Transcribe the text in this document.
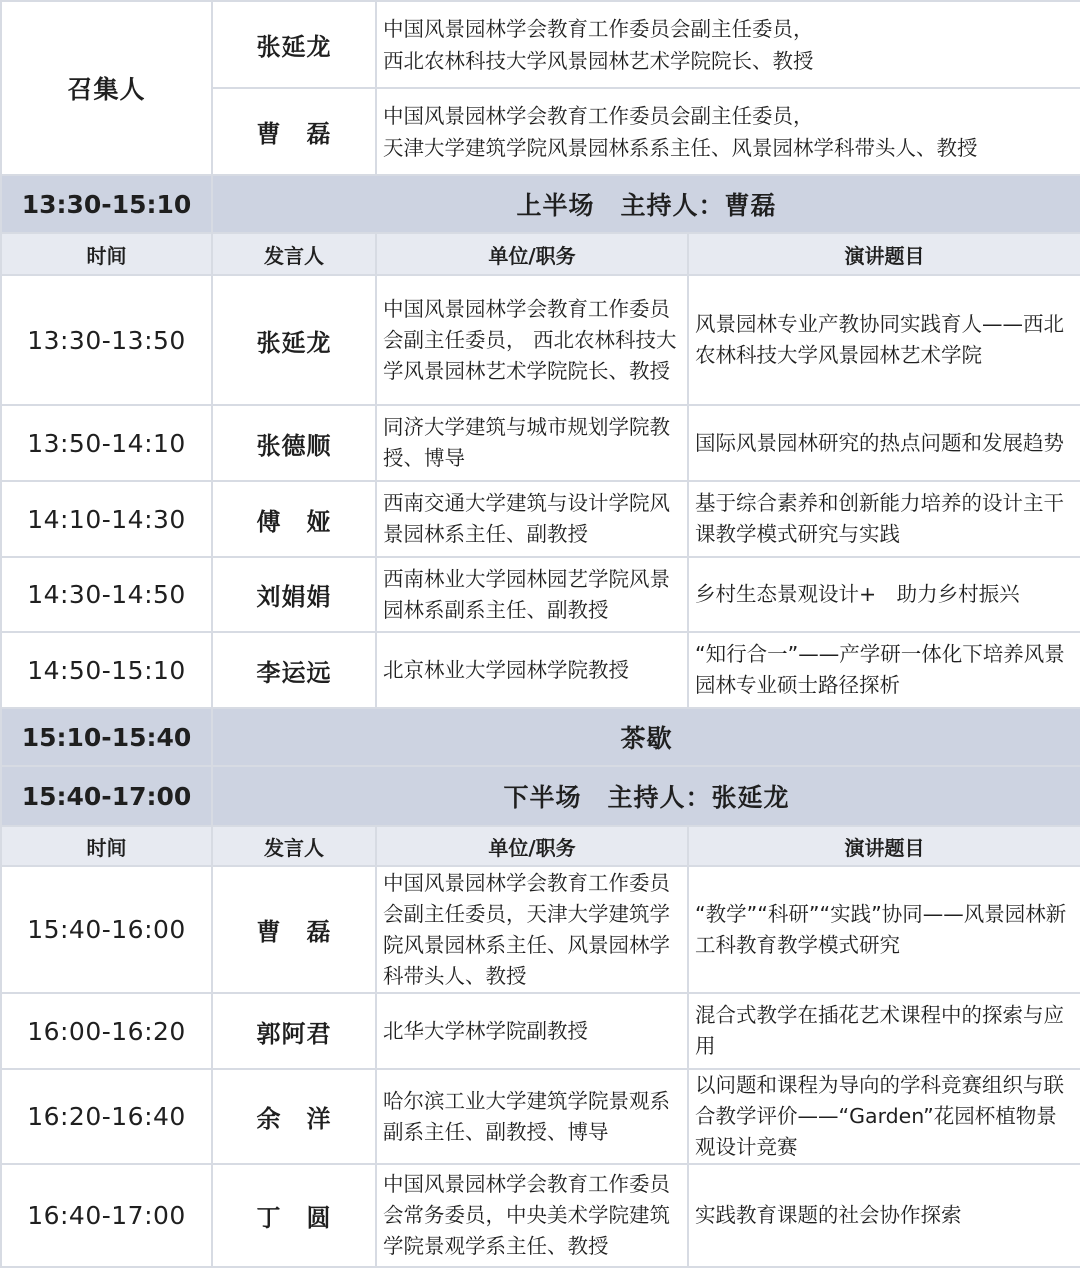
召集人	张延龙	中国风景园林学会教育工作委员会副主任委员，
西北农林科技大学风景园林艺术学院院长、教授	

	曹　磊	中国风景园林学会教育工作委员会副主任委员，
天津大学建筑学院风景园林系系主任、风景园林学科带头人、教授	

13:30-15:10	上半场　主持人：曹磊		
时间	发言人	单位/职务	演讲题目
13:30-13:50	张延龙	中国风景园林学会教育工作委员会副主任委员， 西北农林科技大学风景园林艺术学院院长、教授	风景园林专业产教协同实践育人——西北农林科技大学风景园林艺术学院
13:50-14:10	张德顺	同济大学建筑与城市规划学院教授、博导	国际风景园林研究的热点问题和发展趋势
14:10-14:30	傅　娅	西南交通大学建筑与设计学院风景园林系主任、副教授	基于综合素养和创新能力培养的设计主干课教学模式研究与实践
14:30-14:50	刘娟娟	西南林业大学园林园艺学院风景园林系副系主任、副教授	乡村生态景观设计+　助力乡村振兴
14:50-15:10	李运远	北京林业大学园林学院教授	“知行合一”——产学研一体化下培养风景园林专业硕士路径探析
15:10-15:40	茶歇		
15:40-17:00	下半场　主持人：张延龙		
时间	发言人	单位/职务	演讲题目
15:40-16:00	曹　磊	中国风景园林学会教育工作委员会副主任委员，天津大学建筑学院风景园林系主任、风景园林学科带头人、教授	“教学”“科研”“实践”协同——风景园林新工科教育教学模式研究
16:00-16:20	郭阿君	北华大学林学院副教授	混合式教学在插花艺术课程中的探索与应用
16:20-16:40	余　洋	哈尔滨工业大学建筑学院景观系副系主任、副教授、博导	以问题和课程为导向的学科竞赛组织与联合教学评价——“Garden”花园杯植物景观设计竞赛
16:40-17:00	丁　圆	中国风景园林学会教育工作委员会常务委员，中央美术学院建筑学院景观学系主任、教授	实践教育课题的社会协作探索
